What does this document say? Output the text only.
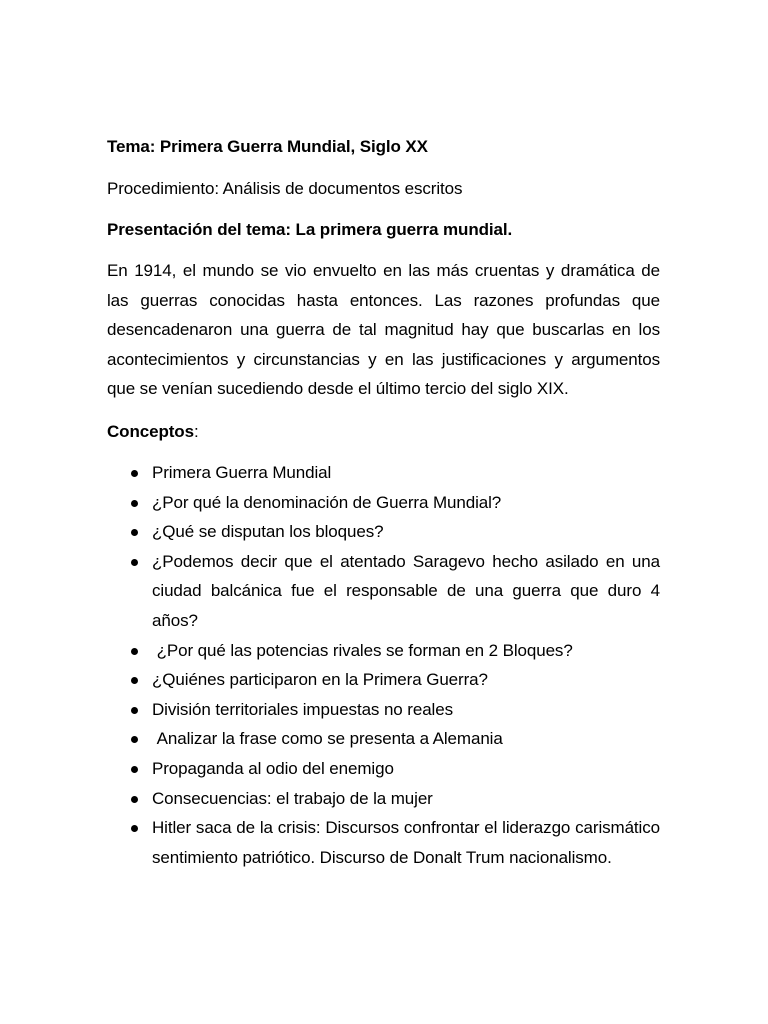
Tema: Primera Guerra Mundial, Siglo XX

Procedimiento: Análisis de documentos escritos

Presentación del tema: La primera guerra mundial.

En 1914, el mundo se vio envuelto en las más cruentas y dramática de las guerras conocidas hasta entonces. Las razones profundas que desencadenaron una guerra de tal magnitud hay que buscarlas en los acontecimientos y circunstancias y en las justificaciones y argumentos que se venían sucediendo desde el último tercio del siglo XIX.

Conceptos:

Primera Guerra Mundial
¿Por qué la denominación de Guerra Mundial?
¿Qué se disputan los bloques?
¿Podemos decir que el atentado Saragevo hecho asilado en una ciudad balcánica fue el responsable de una guerra que duro 4 años?
¿Por qué las potencias rivales se forman en 2 Bloques?
¿Quiénes participaron en la Primera Guerra?
División territoriales impuestas no reales
Analizar la frase como se presenta a Alemania
Propaganda al odio del enemigo
Consecuencias: el trabajo de la mujer
Hitler saca de la crisis: Discursos confrontar el liderazgo carismático  sentimiento patriótico. Discurso de Donalt Trum nacionalismo.
